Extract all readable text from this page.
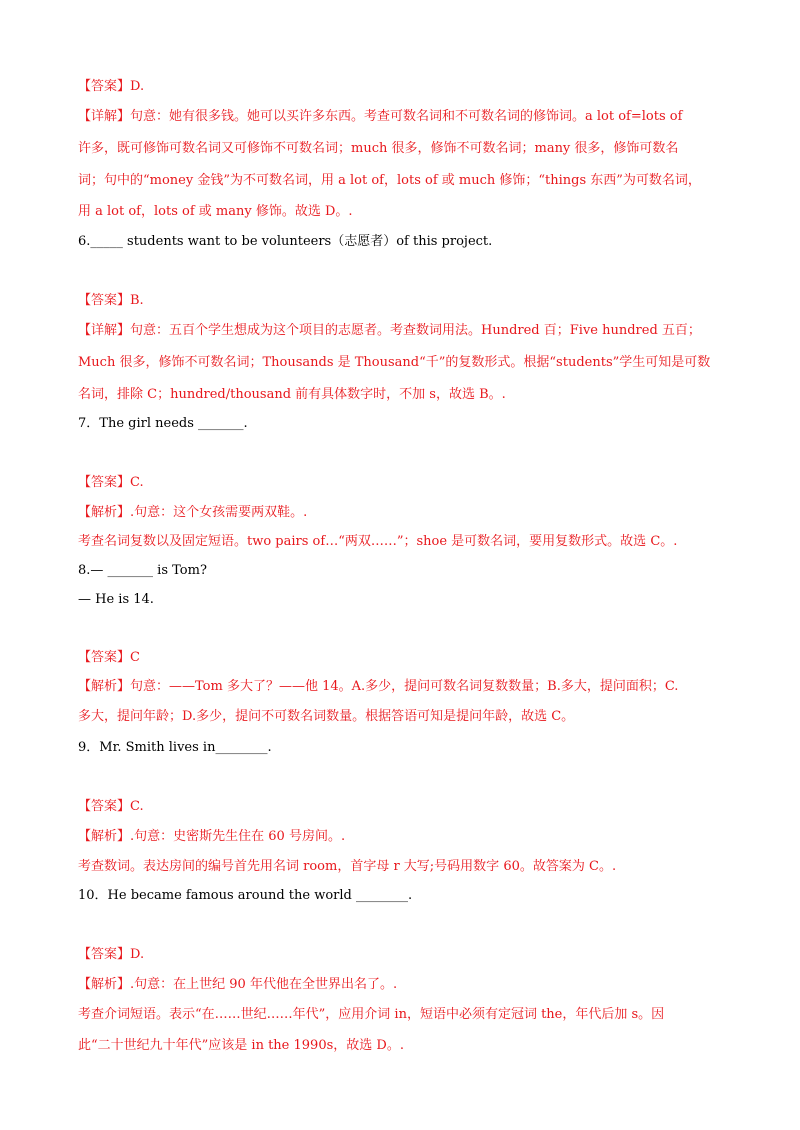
【答案】D.
【详解】句意：她有很多钱。她可以买许多东西。考查可数名词和不可数名词的修饰词。a lot of=lots of
许多，既可修饰可数名词又可修饰不可数名词；much 很多，修饰不可数名词；many 很多，修饰可数名
词；句中的“money 金钱”为不可数名词，用 a lot of，lots of 或 much 修饰；“things 东西”为可数名词，
用 a lot of，lots of 或 many 修饰。故选 D。.
6._____ students want to be volunteers（志愿者）of this project.
【答案】B.
【详解】句意：五百个学生想成为这个项目的志愿者。考查数词用法。Hundred 百；Five hundred 五百；
Much 很多，修饰不可数名词；Thousands 是 Thousand“千”的复数形式。根据“students”学生可知是可数
名词，排除 C；hundred/thousand 前有具体数字时，不加 s，故选 B。.
7．The girl needs _______.
【答案】C.
【解析】.句意：这个女孩需要两双鞋。.
考查名词复数以及固定短语。two pairs of…“两双……”；shoe 是可数名词，要用复数形式。故选 C。.
8.— _______ is Tom?
— He is 14.
【答案】C
【解析】句意：——Tom 多大了？——他 14。A.多少，提问可数名词复数数量；B.多大，提问面积；C.
多大，提问年龄；D.多少，提问不可数名词数量。根据答语可知是提问年龄，故选 C。
9．Mr. Smith lives in________.
【答案】C.
【解析】.句意：史密斯先生住在 60 号房间。.
考查数词。表达房间的编号首先用名词 room，首字母 r 大写;号码用数字 60。故答案为 C。.
10．He became famous around the world ________.
【答案】D.
【解析】.句意：在上世纪 90 年代他在全世界出名了。.
考查介词短语。表示“在……世纪……年代”，应用介词 in，短语中必须有定冠词 the，年代后加 s。因
此“二十世纪九十年代”应该是 in the 1990s，故选 D。.
